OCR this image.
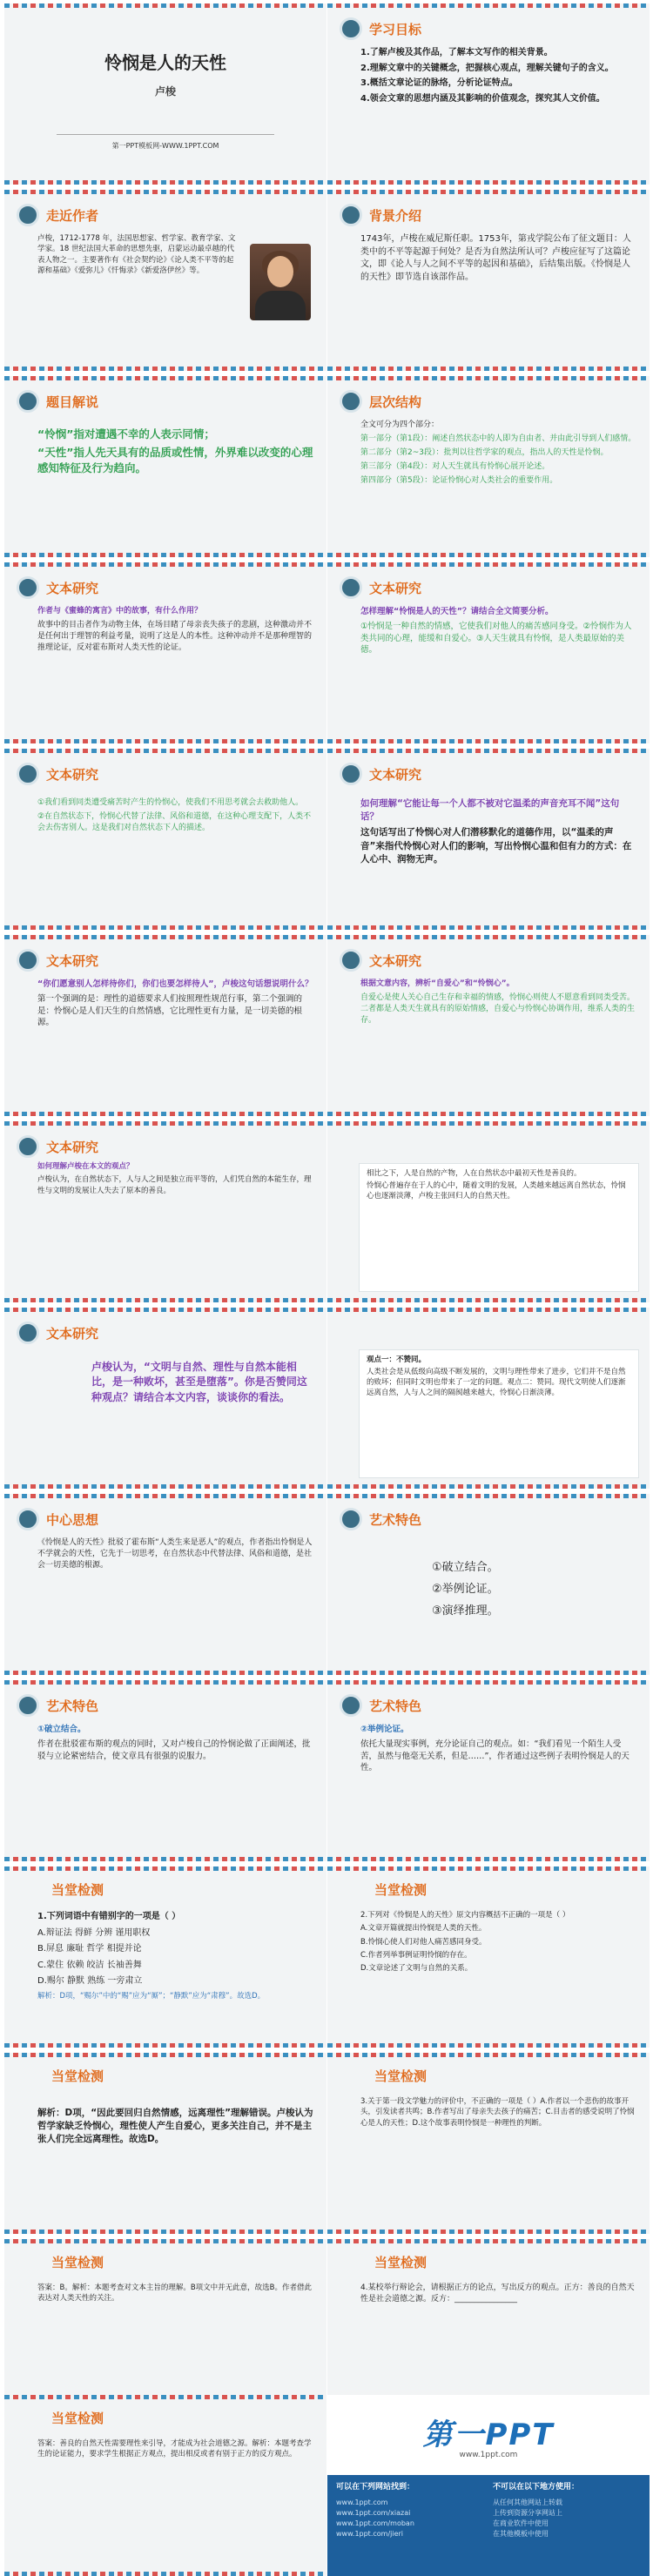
怜悯是人的天性
卢梭
第一PPT模板网-WWW.1PPT.COM
学习目标

1.了解卢梭及其作品，了解本文写作的相关背景。

2.理解文章中的关键概念，把握核心观点，理解关键句子的含义。

3.概括文章论证的脉络，分析论证特点。

4.领会文章的思想内涵及其影响的价值观念，探究其人文价值。

走近作者
卢梭，1712-1778 年，法国思想家、哲学家、教育学家、文学家。18 世纪法国大革命的思想先驱，启蒙运动最卓越的代表人物之一。主要著作有《社会契约论》《论人类不平等的起源和基础》《爱弥儿》《忏悔录》《新爱洛伊丝》等。
背景介绍
1743年，卢梭在威尼斯任职。1753年，第戎学院公布了征文题目：人类中的不平等起源于何处？是否为自然法所认可？卢梭应征写了这篇论文，即《论人与人之间不平等的起因和基础》，后结集出版。《怜悯是人的天性》即节选自该部作品。
题目解说

“怜悯”指对遭遇不幸的人表示同情；

“天性”指人先天具有的品质或性情，外界难以改变的心理感知特征及行为趋向。

层次结构

全文可分为四个部分：

第一部分（第1段）：阐述自然状态中的人即为自由者、并由此引导到人们感情。

第二部分（第2~3段）：批判以往哲学家的观点，指出人的天性是怜悯。

第三部分（第4段）：对人天生就具有怜悯心展开论述。

第四部分（第5段）：论证怜悯心对人类社会的重要作用。

文本研究

作者与《蜜蜂的寓言》中的故事，有什么作用？

故事中的目击者作为动物主体，在场目睹了母亲丧失孩子的悲剧，这种激动并不是任何出于理智的利益考量，说明了这是人的本性。这种冲动并不是那种理智的推理论证，反对霍布斯对人类天性的论证。

文本研究

怎样理解“怜悯是人的天性”？请结合全文简要分析。

①怜悯是一种自然的情感，它使我们对他人的痛苦感同身受。②怜悯作为人类共同的心理，能缓和自爱心。③人天生就具有怜悯，是人类最原始的美德。

文本研究

①我们看到同类遭受痛苦时产生的怜悯心，使我们不用思考就会去救助他人。

②在自然状态下，怜悯心代替了法律、风俗和道德，在这种心理支配下，人类不会去伤害别人。这是我们对自然状态下人的描述。

文本研究

如何理解“它能让每一个人都不被对它温柔的声音充耳不闻”这句话？

这句话写出了怜悯心对人们潜移默化的道德作用，以“温柔的声音”来指代怜悯心对人们的影响，写出怜悯心温和但有力的方式：在人心中、润物无声。

文本研究

“你们愿意别人怎样待你们，你们也要怎样待人”，卢梭这句话想说明什么？

第一个强调的是：理性的道德要求人们按照理性规范行事，第二个强调的是：怜悯心是人们天生的自然情感，它比理性更有力量，是一切美德的根源。

文本研究

根据文意内容，辨析“自爱心”和“怜悯心”。

自爱心是使人关心自己生存和幸福的情感，怜悯心则使人不愿意看到同类受苦。二者都是人类天生就具有的原始情感，自爱心与怜悯心协调作用，维系人类的生存。

文本研究

如何理解卢梭在本文的观点？

卢梭认为，在自然状态下，人与人之间是独立而平等的，人们凭自然的本能生存，理性与文明的发展让人失去了原本的善良。

相比之下，人是自然的产物，人在自然状态中最初天性是善良的。

怜悯心普遍存在于人的心中，随着文明的发展，人类越来越远离自然状态，怜悯心也逐渐淡薄，卢梭主张回归人的自然天性。

文本研究
卢梭认为，“文明与自然、理性与自然本能相比，是一种败坏，甚至是堕落”。你是否赞同这种观点？请结合本文内容，谈谈你的看法。

观点一：不赞同。

人类社会是从低级向高级不断发展的，文明与理性带来了进步，它们并不是自然的败坏；但同时文明也带来了一定的问题。观点二：赞同。现代文明使人们逐渐远离自然，人与人之间的隔阂越来越大，怜悯心日渐淡薄。

中心思想
《怜悯是人的天性》批驳了霍布斯“人类生来是恶人”的观点，作者指出怜悯是人不学就会的天性，它先于一切思考，在自然状态中代替法律、风俗和道德，是社会一切美德的根源。
艺术特色

①破立结合。

②举例论证。

③演绎推理。

艺术特色

①破立结合。

作者在批驳霍布斯的观点的同时，又对卢梭自己的怜悯论做了正面阐述，批驳与立论紧密结合，使文章具有很强的说服力。

艺术特色

②举例论证。

依托大量现实事例，充分论证自己的观点。如：“我们看见一个陌生人受苦，虽然与他毫无关系，但是……”，作者通过这些例子表明怜悯是人的天性。

当堂检测

1.下列词语中有错别字的一项是（ ）

A.辩证法 得鲜 分辨 谨用职权

B.屏息 廉耻 哲学 相提并论

C.蒙住 依赖 皎洁 长袖善舞

D.赐尔 静默 熟练 一旁肃立

解析：D项，“赐尔”中的“赐”应为“厮”；“静默”应为“肃穆”。故选D。

当堂检测

2.下列对《怜悯是人的天性》原文内容概括不正确的一项是（ ）

A.文章开篇就提出怜悯是人类的天性。

B.怜悯心使人们对他人痛苦感同身受。

C.作者列举事例证明怜悯的存在。

D.文章论述了文明与自然的关系。

当堂检测
解析：D项，“因此要回归自然情感，远离理性”理解错误。卢梭认为哲学家缺乏怜悯心，理性使人产生自爱心，更多关注自己，并不是主张人们完全远离理性。故选D。
当堂检测
3.关于第一段文学魅力的评价中，不正确的一项是（ ）A.作者以一个悲伤的故事开头，引发读者共鸣；B.作者写出了母亲失去孩子的痛苦；C.目击者的感受说明了怜悯心是人的天性；D.这个故事表明怜悯是一种理性的判断。
当堂检测
答案：B。解析：本题考查对文本主旨的理解。B项文中并无此意，故选B。作者借此表达对人类天性的关注。
当堂检测
4.某校举行辩论会，请根据正方的论点，写出反方的观点。正方：善良的自然天性是社会道德之源。反方：________________
当堂检测
答案：善良的自然天性需要理性来引导，才能成为社会道德之源。解析：本题考查学生的论证能力，要求学生根据正方观点，提出相反或者有别于正方的反方观点。
第一PPT
www.1ppt.com
可以在下列网站找到：
www.1ppt.com
www.1ppt.com/xiazai
www.1ppt.com/moban
www.1ppt.com/jieri
不可以在以下地方使用：
从任何其他网站上转载
上传到资源分享网站上
在商业软件中使用
在其他模板中使用
